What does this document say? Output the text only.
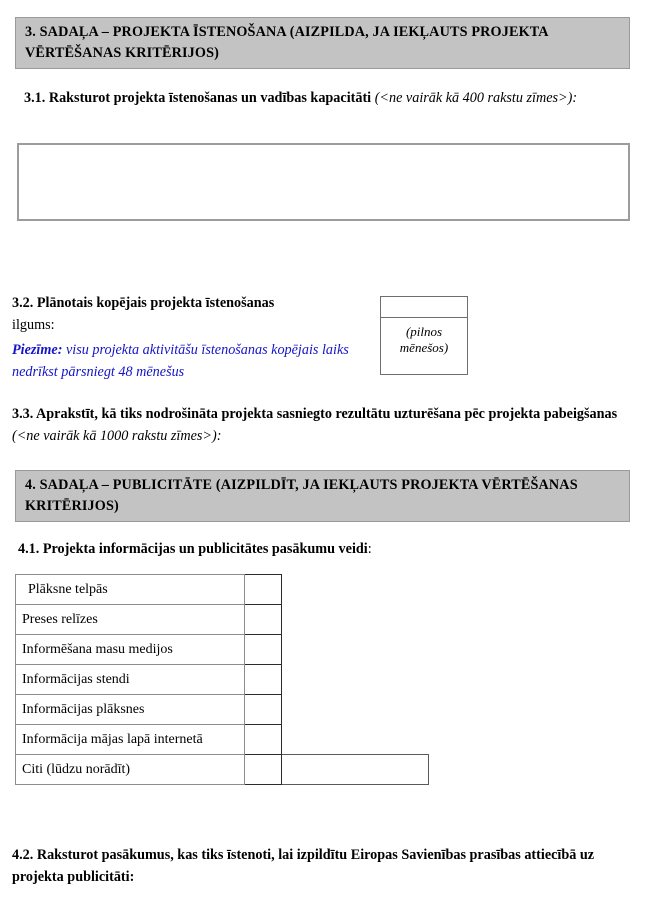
3. SADAĻA – PROJEKTA ĪSTENOŠANA (AIZPILDA, JA IEKĻAUTS PROJEKTA VĒRTĒŠANAS KRITĒRIJOS)
3.1. Raksturot projekta īstenošanas un vadības kapacitāti (<ne vairāk kā 400 rakstu zīmes>):
3.2. Plānotais kopējais projekta īstenošanas
ilgums:
Piezīme: visu projekta aktivitāšu īstenošanas kopējais laiks nedrīkst pārsniegt 48 mēnešus
(pilnos mēnešos)
3.3. Aprakstīt, kā tiks nodrošināta projekta sasniegto rezultātu uzturēšana pēc projekta pabeigšanas (<ne vairāk kā 1000 rakstu zīmes>):
4. SADAĻA – PUBLICITĀTE (AIZPILDĪT, JA IEKĻAUTS PROJEKTA VĒRTĒŠANAS KRITĒRIJOS)
4.1. Projekta informācijas un publicitātes pasākumu veidi:
Plāksne telpās		
Preses relīzes		
Informēšana masu medijos		
Informācijas stendi		
Informācijas plāksnes		
Informācija mājas lapā internetā		
Citi (lūdzu norādīt)		
4.2. Raksturot pasākumus, kas tiks īstenoti, lai izpildītu Eiropas Savienības prasības attiecībā uz projekta publicitāti:
